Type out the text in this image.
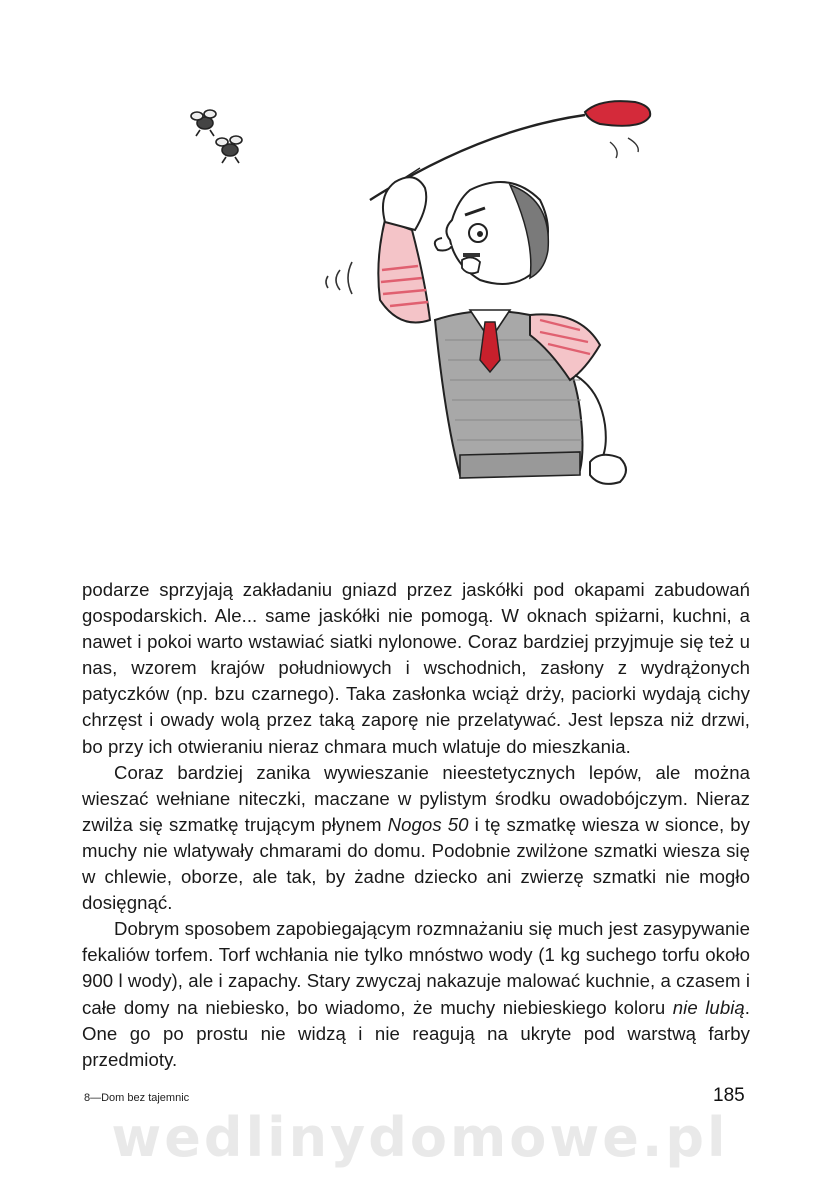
podarze sprzyjają zakładaniu gniazd przez jaskółki pod okapami zabudowań gospodarskich. Ale... same jaskółki nie pomogą. W oknach spiżarni, kuchni, a nawet i pokoi warto wstawiać siatki nylonowe. Coraz bardziej przyjmuje się też u nas, wzorem krajów południowych i wschodnich, zasłony z wydrążonych patyczków (np. bzu czarnego). Taka zasłonka wciąż drży, paciorki wydają cichy chrzęst i owady wolą przez taką zaporę nie przelatywać. Jest lepsza niż drzwi, bo przy ich otwieraniu nieraz chmara much wlatuje do mieszkania.

Coraz bardziej zanika wywieszanie nieestetycznych lepów, ale można wieszać wełniane niteczki, maczane w pylistym środku owadobójczym. Nieraz zwilża się szmatkę trującym płynem Nogos 50 i tę szmatkę wiesza w sionce, by muchy nie wlatywały chmarami do domu. Podobnie zwilżone szmatki wiesza się w chlewie, oborze, ale tak, by żadne dziecko ani zwierzę szmatki nie mogło dosięgnąć.

Dobrym sposobem zapobiegającym rozmnażaniu się much jest zasypywanie fekaliów torfem. Torf wchłania nie tylko mnóstwo wody (1 kg suchego torfu około 900 l wody), ale i zapachy. Stary zwyczaj nakazuje malować kuchnie, a czasem i całe domy na niebiesko, bo wiadomo, że muchy niebieskiego koloru nie lubią. One go po prostu nie widzą i nie reagują na ukryte pod warstwą farby przedmioty.

8—Dom bez tajemnic	185
wedlinydomowe.pl
